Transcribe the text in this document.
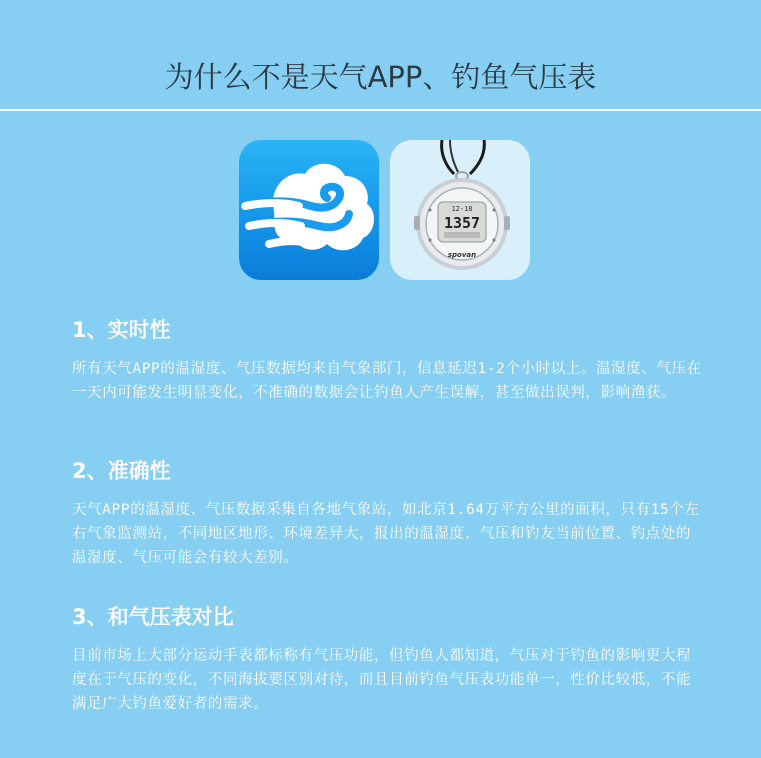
为什么不是天气APP、钓鱼气压表
12-18
1357
spovan
1、实时性

所有天气APP的温湿度、气压数据均来自气象部门，信息延迟1-2个小时以上。温湿度、气压在一天内可能发生明显变化，不准确的数据会让钓鱼人产生误解，甚至做出误判，影响渔获。

2、准确性

天气APP的温湿度、气压数据采集自各地气象站，如北京1.64万平方公里的面积，只有15个左右气象监测站，不同地区地形、环境差异大，报出的温湿度、气压和钓友当前位置、钓点处的温湿度、气压可能会有较大差别。

3、和气压表对比

目前市场上大部分运动手表都标称有气压功能，但钓鱼人都知道，气压对于钓鱼的影响更大程度在于气压的变化，不同海拔要区别对待，而且目前钓鱼气压表功能单一，性价比较低，不能满足广大钓鱼爱好者的需求。
